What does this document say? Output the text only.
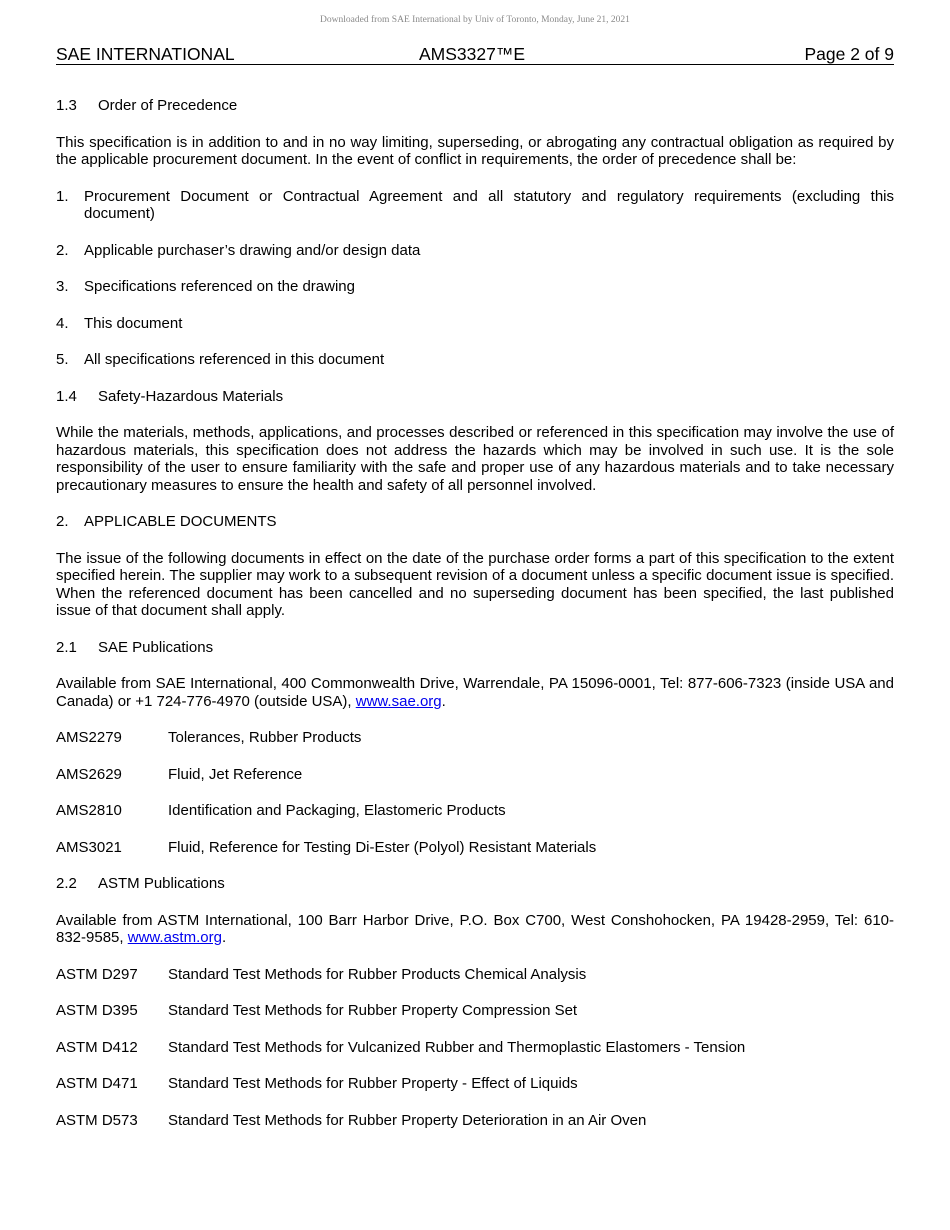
Downloaded from SAE International by Univ of Toronto, Monday, June 21, 2021
SAE INTERNATIONAL	AMS3327™E	Page 2 of 9
1.3 Order of Precedence

This specification is in addition to and in no way limiting, superseding, or abrogating any contractual obligation as required by the applicable procurement document. In the event of conflict in requirements, the order of precedence shall be:

1.	Procurement Document or Contractual Agreement and all statutory and regulatory requirements (excluding this document)
2.	Applicable purchaser’s drawing and/or design data
3.	Specifications referenced on the drawing
4.	This document
5.	All specifications referenced in this document
1.4 Safety-Hazardous Materials

While the materials, methods, applications, and processes described or referenced in this specification may involve the use of hazardous materials, this specification does not address the hazards which may be involved in such use. It is the sole responsibility of the user to ensure familiarity with the safe and proper use of any hazardous materials and to take necessary precautionary measures to ensure the health and safety of all personnel involved.

2. APPLICABLE DOCUMENTS

The issue of the following documents in effect on the date of the purchase order forms a part of this specification to the extent specified herein. The supplier may work to a subsequent revision of a document unless a specific document issue is specified. When the referenced document has been cancelled and no superseding document has been specified, the last published issue of that document shall apply.

2.1 SAE Publications

Available from SAE International, 400 Commonwealth Drive, Warrendale, PA 15096-0001, Tel: 877-606-7323 (inside USA and Canada) or +1 724-776-4970 (outside USA), www.sae.org.

AMS2279	Tolerances, Rubber Products
AMS2629	Fluid, Jet Reference
AMS2810	Identification and Packaging, Elastomeric Products
AMS3021	Fluid, Reference for Testing Di-Ester (Polyol) Resistant Materials
2.2 ASTM Publications

Available from ASTM International, 100 Barr Harbor Drive, P.O. Box C700, West Conshohocken, PA 19428-2959, Tel: 610-832-9585, www.astm.org.

ASTM D297	Standard Test Methods for Rubber Products Chemical Analysis
ASTM D395	Standard Test Methods for Rubber Property Compression Set
ASTM D412	Standard Test Methods for Vulcanized Rubber and Thermoplastic Elastomers - Tension
ASTM D471	Standard Test Methods for Rubber Property - Effect of Liquids
ASTM D573	Standard Test Methods for Rubber Property Deterioration in an Air Oven
